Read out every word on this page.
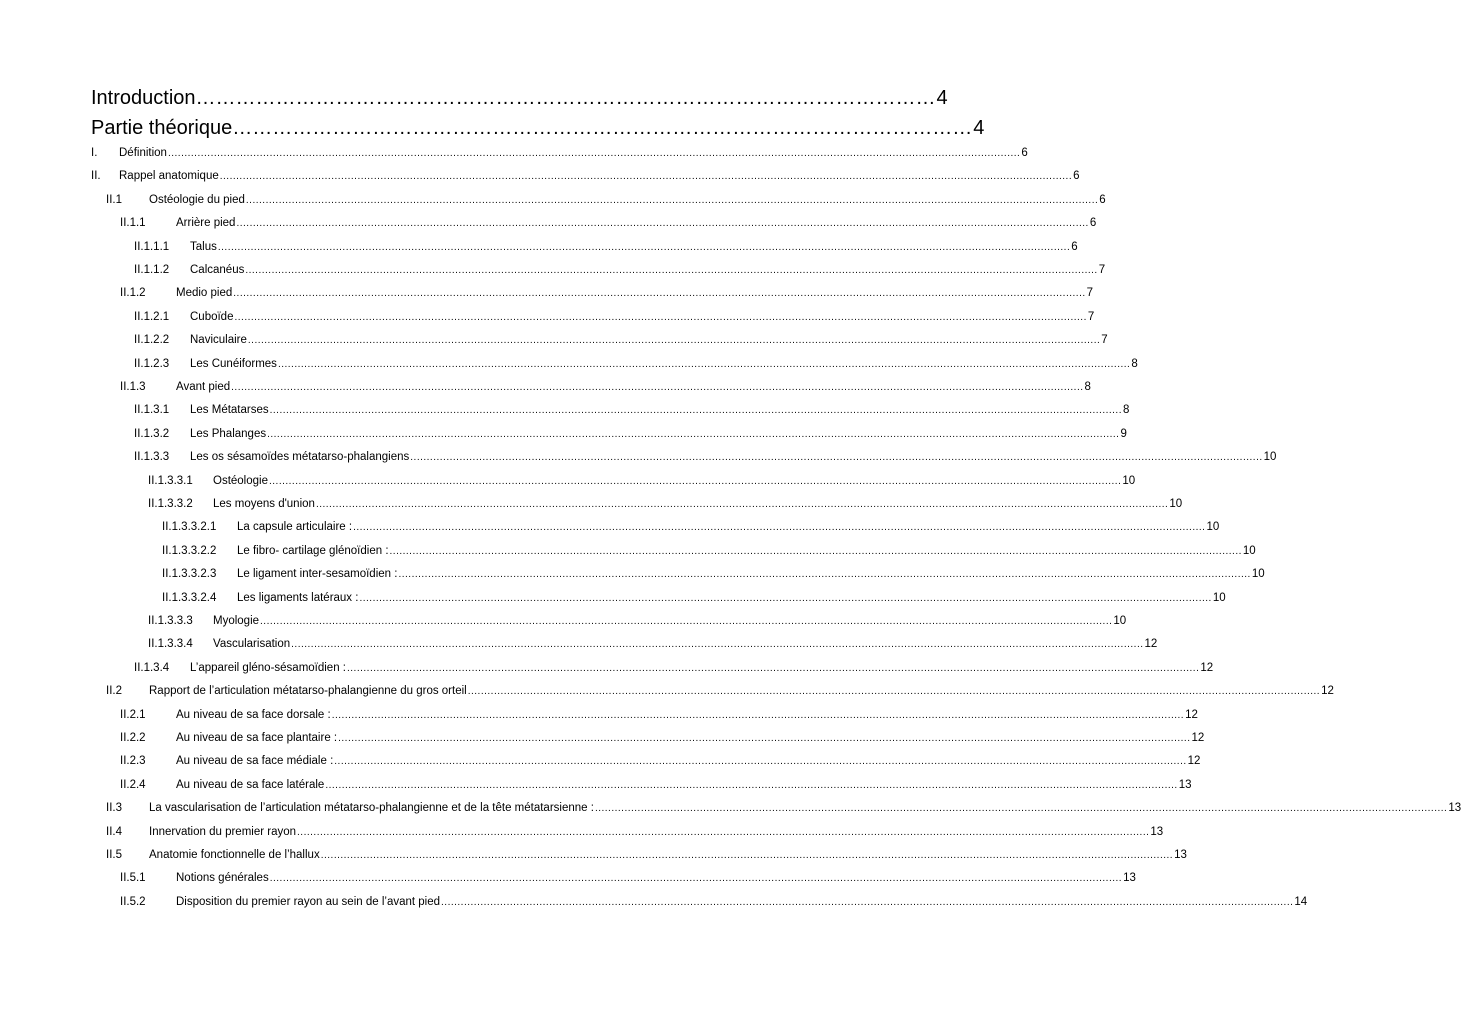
Introduction ………………………………………………………………………………………………… 4
Partie théorique ………………………………………………………………………………………………… 4
I.	Définition .................................................................................................................................................................................................................................................................... 6
II.	Rappel anatomique .................................................................................................................................................................................................................................................................... 6
II.1	Ostéologie du pied .................................................................................................................................................................................................................................................................... 6
II.1.1	Arrière pied .................................................................................................................................................................................................................................................................... 6
II.1.1.1	Talus .................................................................................................................................................................................................................................................................... 6
II.1.1.2	Calcanéus .................................................................................................................................................................................................................................................................... 7
II.1.2	Medio pied .................................................................................................................................................................................................................................................................... 7
II.1.2.1	Cuboïde .................................................................................................................................................................................................................................................................... 7
II.1.2.2	Naviculaire .................................................................................................................................................................................................................................................................... 7
II.1.2.3	Les Cunéiformes .................................................................................................................................................................................................................................................................... 8
II.1.3	Avant pied .................................................................................................................................................................................................................................................................... 8
II.1.3.1	Les Métatarses .................................................................................................................................................................................................................................................................... 8
II.1.3.2	Les Phalanges .................................................................................................................................................................................................................................................................... 9
II.1.3.3	Les os sésamoïdes métatarso-phalangiens .................................................................................................................................................................................................................................................................... 10
II.1.3.3.1	Ostéologie .................................................................................................................................................................................................................................................................... 10
II.1.3.3.2	Les moyens d'union .................................................................................................................................................................................................................................................................... 10
II.1.3.3.2.1	La capsule articulaire : .................................................................................................................................................................................................................................................................... 10
II.1.3.3.2.2	Le fibro- cartilage glénoïdien : .................................................................................................................................................................................................................................................................... 10
II.1.3.3.2.3	Le ligament inter-sesamoïdien : .................................................................................................................................................................................................................................................................... 10
II.1.3.3.2.4	Les ligaments latéraux : .................................................................................................................................................................................................................................................................... 10
II.1.3.3.3	Myologie .................................................................................................................................................................................................................................................................... 10
II.1.3.3.4	Vascularisation .................................................................................................................................................................................................................................................................... 12
II.1.3.4	L’appareil gléno-sésamoïdien : .................................................................................................................................................................................................................................................................... 12
II.2	Rapport de l’articulation métatarso-phalangienne du gros orteil .................................................................................................................................................................................................................................................................... 12
II.2.1	Au niveau de sa face dorsale : .................................................................................................................................................................................................................................................................... 12
II.2.2	Au niveau de sa face plantaire : .................................................................................................................................................................................................................................................................... 12
II.2.3	Au niveau de sa face médiale : .................................................................................................................................................................................................................................................................... 12
II.2.4	Au niveau de sa face latérale .................................................................................................................................................................................................................................................................... 13
II.3	La vascularisation de l’articulation métatarso-phalangienne et de la tête métatarsienne : .................................................................................................................................................................................................................................................................... 13
II.4	Innervation du premier rayon .................................................................................................................................................................................................................................................................... 13
II.5	Anatomie fonctionnelle de l’hallux .................................................................................................................................................................................................................................................................... 13
II.5.1	Notions générales .................................................................................................................................................................................................................................................................... 13
II.5.2	Disposition du premier rayon au sein de l’avant pied .................................................................................................................................................................................................................................................................... 14
